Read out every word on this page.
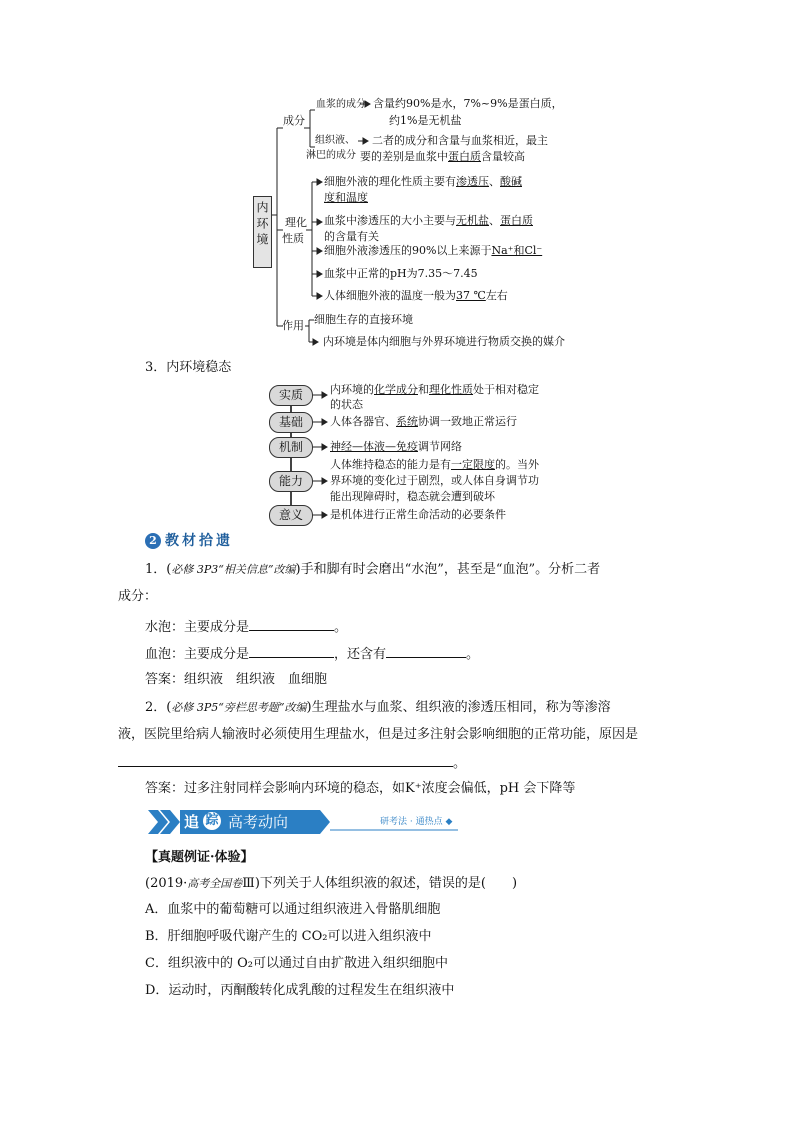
内环境
成分
血浆的成分 含量约90%是水，7%~9%是蛋白质，
约1%是无机盐
组织液、
淋巴的成分
二者的成分和含量与血浆相近，最主
要的差别是血浆中蛋白质含量较高
理化
性质
细胞外液的理化性质主要有渗透压、酸碱
度和温度
血浆中渗透压的大小主要与无机盐、蛋白质
的含量有关
细胞外液渗透压的90%以上来源于Na⁺和Cl⁻
血浆中正常的pH为7.35～7.45
人体细胞外液的温度一般为37 ℃左右
作用 细胞生存的直接环境
内环境是体内细胞与外界环境进行物质交换的媒介
3．内环境稳态
实质
基础
机制
能力
意义
内环境的化学成分和理化性质处于相对稳定
的状态
人体各器官、系统协调一致地正常运行
神经—体液—免疫调节网络
人体维持稳态的能力是有一定限度的。当外
界环境的变化过于剧烈，或人体自身调节功
能出现障碍时，稳态就会遭到破坏
是机体进行正常生命活动的必要条件
2 教材拾遗
1．(必修 3P3“相关信息”改编)手和脚有时会磨出“水泡”，甚至是“血泡”。分析二者
成分：
水泡：主要成分是	。
血泡：主要成分是	，还含有	。
答案：组织液　组织液　血细胞
2．(必修 3P5“旁栏思考题”改编)生理盐水与血浆、组织液的渗透压相同，称为等渗溶
液，医院里给病人输液时必须使用生理盐水，但是过多注射会影响细胞的正常功能，原因是
。
答案：过多注射同样会影响内环境的稳态，如K⁺浓度会偏低，pH 会下降等
追 踪 高考动向	研考法 · 通热点 ◆
【真题例证·体验】
(2019·高考全国卷Ⅲ)下列关于人体组织液的叙述，错误的是(　　)
A．血浆中的葡萄糖可以通过组织液进入骨骼肌细胞
B．肝细胞呼吸代谢产生的 CO₂可以进入组织液中
C．组织液中的 O₂可以通过自由扩散进入组织细胞中
D．运动时，丙酮酸转化成乳酸的过程发生在组织液中
